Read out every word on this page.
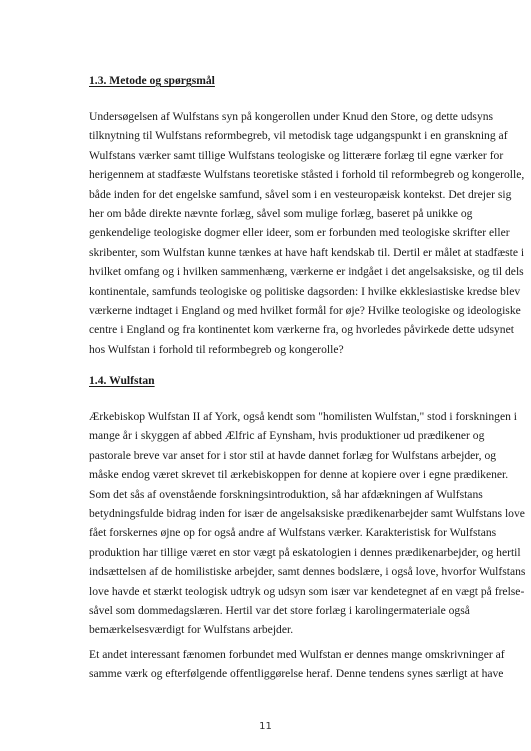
1.3. Metode og spørgsmål

Undersøgelsen af Wulfstans syn på kongerollen under Knud den Store, og dette udsyns
tilknytning til Wulfstans reformbegreb, vil metodisk tage udgangspunkt i en granskning af
Wulfstans værker samt tillige Wulfstans teologiske og litterære forlæg til egne værker for
herigennem at stadfæste Wulfstans teoretiske ståsted i forhold til reformbegreb og kongerolle,
både inden for det engelske samfund, såvel som i en vesteuropæisk kontekst. Det drejer sig
her om både direkte nævnte forlæg, såvel som mulige forlæg, baseret på unikke og
genkendelige teologiske dogmer eller ideer, som er forbunden med teologiske skrifter eller
skribenter, som Wulfstan kunne tænkes at have haft kendskab til. Dertil er målet at stadfæste i
hvilket omfang og i hvilken sammenhæng, værkerne er indgået i det angelsaksiske, og til dels
kontinentale, samfunds teologiske og politiske dagsorden: I hvilke ekklesiastiske kredse blev
værkerne indtaget i England og med hvilket formål for øje? Hvilke teologiske og ideologiske
centre i England og fra kontinentet kom værkerne fra, og hvorledes påvirkede dette udsynet
hos Wulfstan i forhold til reformbegreb og kongerolle?

1.4. Wulfstan

Ærkebiskop Wulfstan II af York, også kendt som "homilisten Wulfstan," stod i forskningen i
mange år i skyggen af abbed Ælfric af Eynsham, hvis produktioner ud prædikener og
pastorale breve var anset for i stor stil at havde dannet forlæg for Wulfstans arbejder, og
måske endog været skrevet til ærkebiskoppen for denne at kopiere over i egne prædikener.
Som det sås af ovenstående forskningsintroduktion, så har afdækningen af Wulfstans
betydningsfulde bidrag inden for især de angelsaksiske prædikenarbejder samt Wulfstans love
fået forskernes øjne op for også andre af Wulfstans værker. Karakteristisk for Wulfstans
produktion har tillige været en stor vægt på eskatologien i dennes prædikenarbejder, og hertil
indsættelsen af de homilistiske arbejder, samt dennes bodslære, i også love, hvorfor Wulfstans
love havde et stærkt teologisk udtryk og udsyn som især var kendetegnet af en vægt på frelse-
såvel som dommedagslæren. Hertil var det store forlæg i karolingermateriale også
bemærkelsesværdigt for Wulfstans arbejder.

Et andet interessant fænomen forbundet med Wulfstan er dennes mange omskrivninger af
samme værk og efterfølgende offentliggørelse heraf. Denne tendens synes særligt at have

11
